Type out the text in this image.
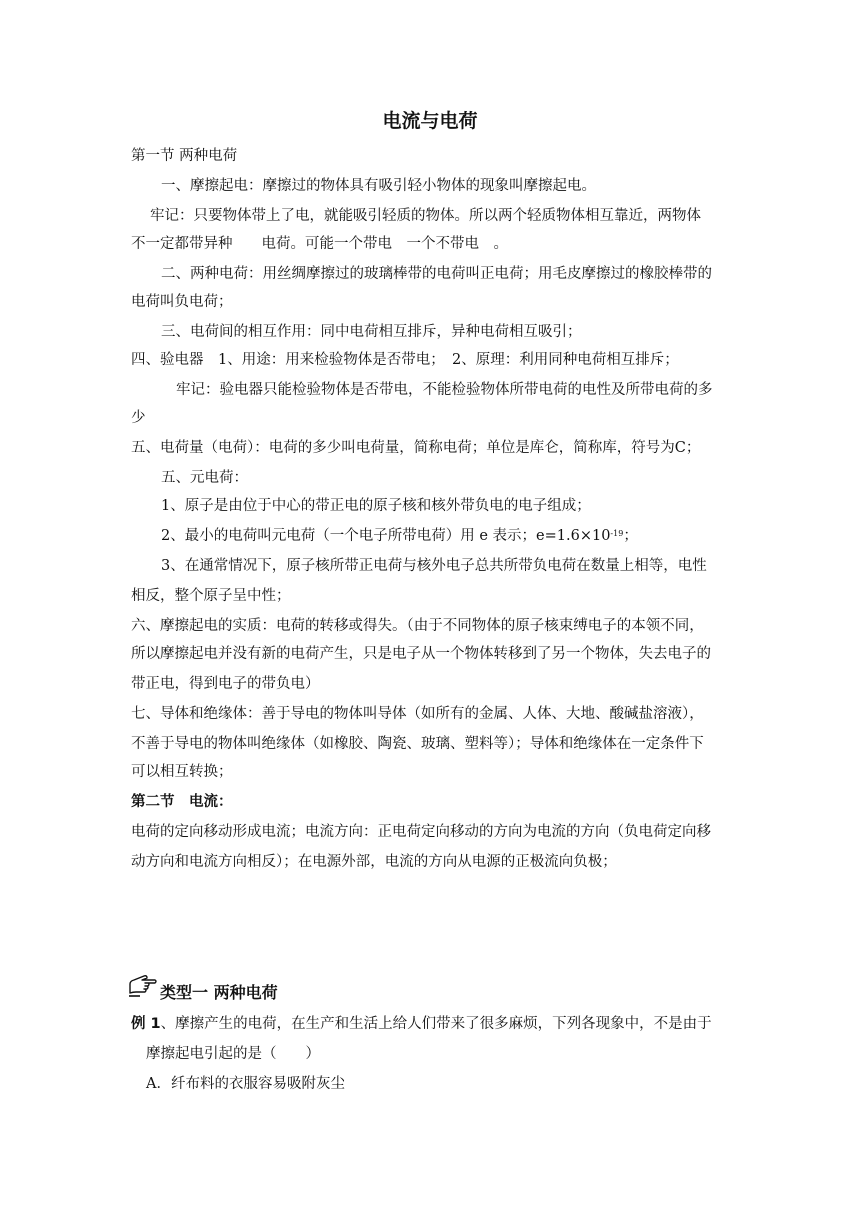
电流与电荷
第一节 两种电荷
一、摩擦起电：摩擦过的物体具有吸引轻小物体的现象叫摩擦起电。
牢记：只要物体带上了电，就能吸引轻质的物体。所以两个轻质物体相互靠近，两物体
不一定都带异种　　电荷。可能一个带电　一个不带电　。
二、两种电荷：用丝绸摩擦过的玻璃棒带的电荷叫正电荷；用毛皮摩擦过的橡胶棒带的
电荷叫负电荷；
三、电荷间的相互作用：同中电荷相互排斥，异种电荷相互吸引；
四、验电器　1、用途：用来检验物体是否带电；　2、原理：利用同种电荷相互排斥；
牢记：验电器只能检验物体是否带电，不能检验物体所带电荷的电性及所带电荷的多
少
五、电荷量（电荷）：电荷的多少叫电荷量，简称电荷；单位是库仑，简称库，符号为C；
五、元电荷：
1、原子是由位于中心的带正电的原子核和核外带负电的电子组成；
2、最小的电荷叫元电荷（一个电子所带电荷）用 e 表示；$e=1.6\times 10^{-19}$；
3、在通常情况下，原子核所带正电荷与核外电子总共所带负电荷在数量上相等，电性
相反，整个原子呈中性；
六、摩擦起电的实质：电荷的转移或得失。（由于不同物体的原子核束缚电子的本领不同，
所以摩擦起电并没有新的电荷产生，只是电子从一个物体转移到了另一个物体，失去电子的
带正电，得到电子的带负电）
七、导体和绝缘体：善于导电的物体叫导体（如所有的金属、人体、大地、酸碱盐溶液），
不善于导电的物体叫绝缘体（如橡胶、陶瓷、玻璃、塑料等）；导体和绝缘体在一定条件下
可以相互转换；
第二节　电流：
电荷的定向移动形成电流；电流方向：正电荷定向移动的方向为电流的方向（负电荷定向移
动方向和电流方向相反）；在电源外部，电流的方向从电源的正极流向负极；
类型一 两种电荷
例 1、摩擦产生的电荷，在生产和生活上给人们带来了很多麻烦，下列各现象中，不是由于
摩擦起电引起的是（　　）
A．纤布料的衣服容易吸附灰尘
